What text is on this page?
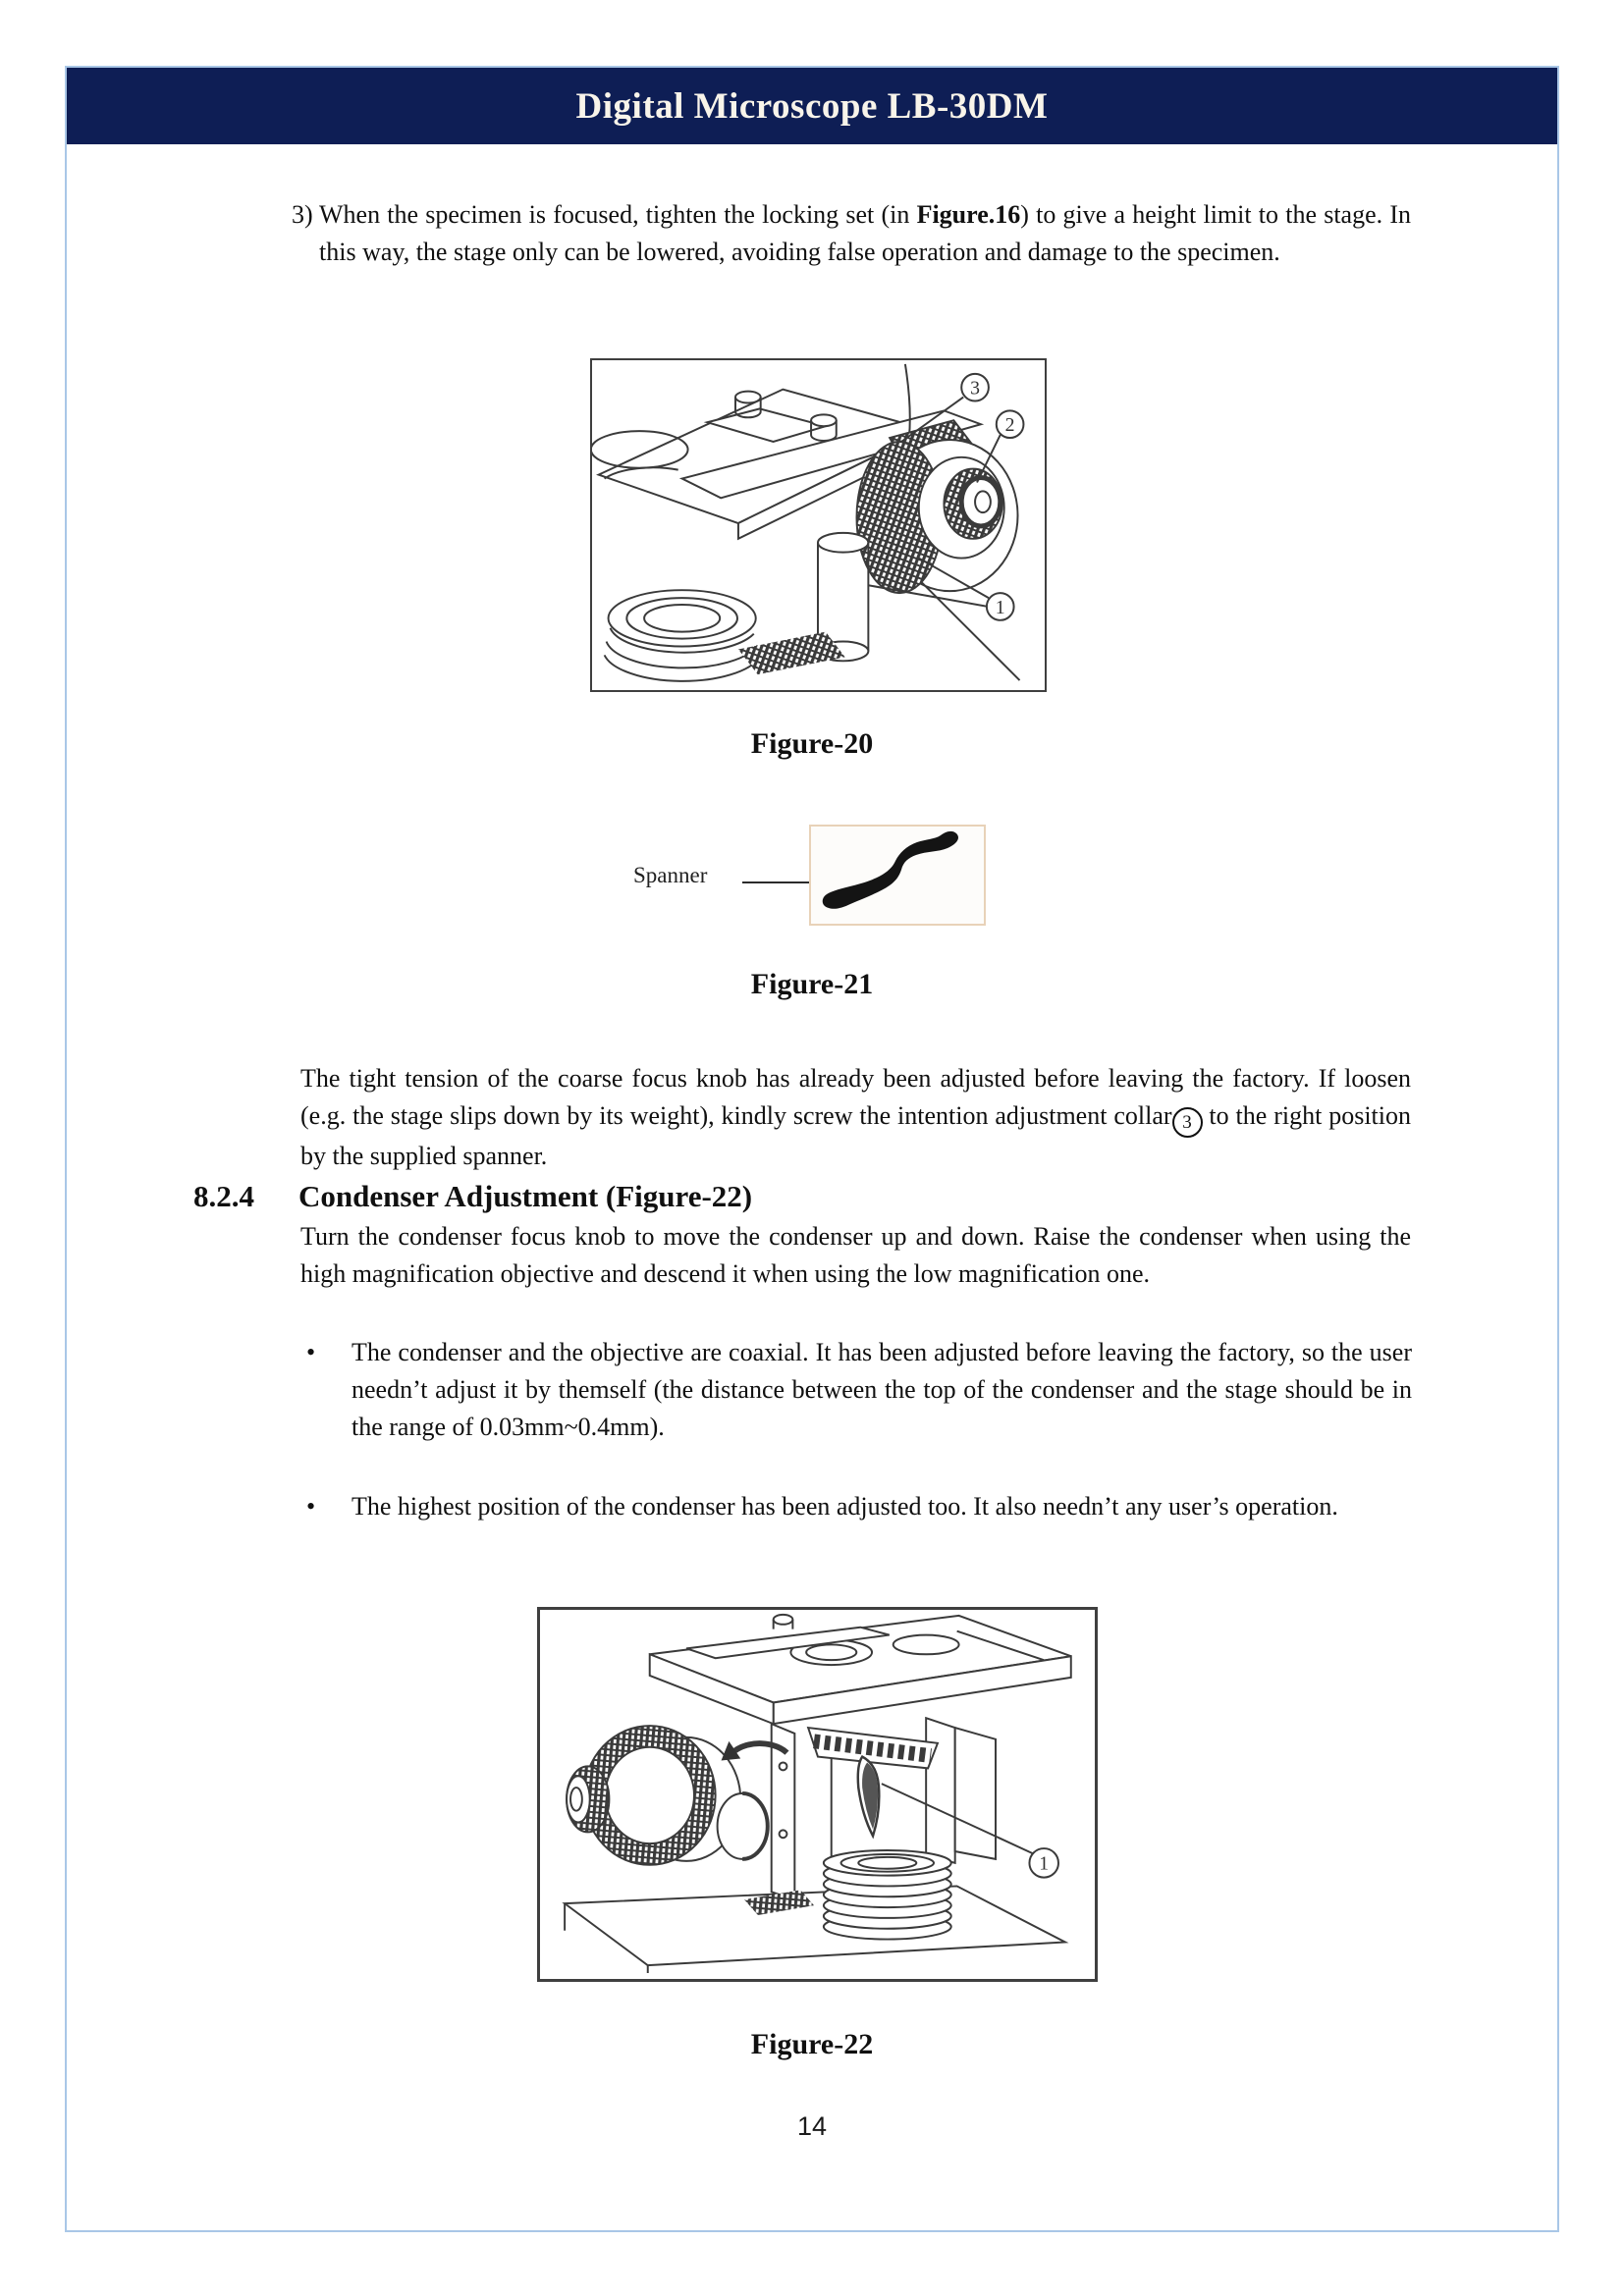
Digital Microscope LB-30DM
3) When the specimen is focused, tighten the locking set (in Figure.16) to give a height limit to the stage. In this way, the stage only can be lowered, avoiding false operation and damage to the specimen.
3
2
1
Figure-20
Spanner
Figure-21

The tight tension of the coarse focus knob has already been adjusted before leaving the factory. If loosen (e.g. the stage slips down by its weight), kindly screw the intention adjustment collar 3 to the right position by the supplied spanner.

8.2.4 Condenser Adjustment (Figure-22)

Turn the condenser focus knob to move the condenser up and down. Raise the condenser when using the high magnification objective and descend it when using the low magnification one.

• The condenser and the objective are coaxial. It has been adjusted before leaving the factory, so the user needn’t adjust it by themself (the distance between the top of the condenser and the stage should be in the range of 0.03mm~0.4mm).
• The highest position of the condenser has been adjusted too. It also needn’t any user’s operation.
1
Figure-22
14
